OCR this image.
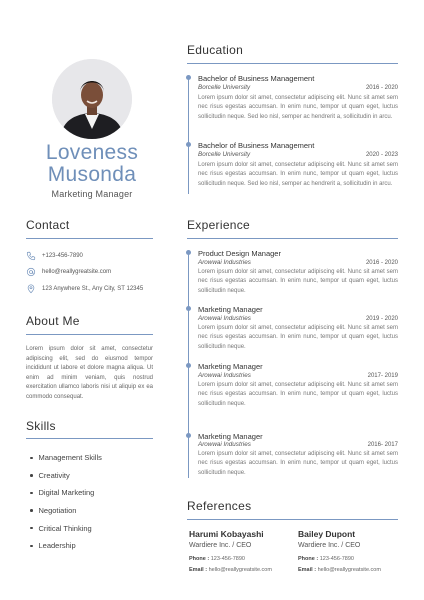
Loveness
Musonda
Marketing Manager
Contact
+123-456-7890
hello@reallygreatsite.com
123 Anywhere St., Any City, ST 12345
About Me
Lorem ipsum dolor sit amet, consectetur adipiscing elit, sed do eiusmod tempor incididunt ut labore et dolore magna aliqua. Ut enim ad minim veniam, quis nostrud exercitation ullamco laboris nisi ut aliquip ex ea commodo consequat.
Skills
Management Skills
Creativity
Digital Marketing
Negotiation
Critical Thinking
Leadership
Education
Bachelor of Business Management
Borcelle University	2016 - 2020
Lorem ipsum dolor sit amet, consectetur adipiscing elit. Nunc sit amet sem nec risus egestas accumsan. In enim nunc, tempor ut quam eget, luctus sollicitudin neque. Sed leo nisl, semper ac hendrerit a, sollicitudin in arcu.
Bachelor of Business Management
Borcelle University	2020 - 2023
Lorem ipsum dolor sit amet, consectetur adipiscing elit. Nunc sit amet sem nec risus egestas accumsan. In enim nunc, tempor ut quam eget, luctus sollicitudin neque. Sed leo nisl, semper ac hendrerit a, sollicitudin in arcu.
Experience
Product Design Manager
Arowwai Industries	2016 - 2020
Lorem ipsum dolor sit amet, consectetur adipiscing elit. Nunc sit amet sem nec risus egestas accumsan. In enim nunc, tempor ut quam eget, luctus sollicitudin neque.
Marketing Manager
Arowwai Industries	2019 - 2020
Lorem ipsum dolor sit amet, consectetur adipiscing elit. Nunc sit amet sem nec risus egestas accumsan. In enim nunc, tempor ut quam eget, luctus sollicitudin neque.
Marketing Manager
Arowwai Industries	2017- 2019
Lorem ipsum dolor sit amet, consectetur adipiscing elit. Nunc sit amet sem nec risus egestas accumsan. In enim nunc, tempor ut quam eget, luctus sollicitudin neque.
Marketing Manager
Arowwai Industries	2016- 2017
Lorem ipsum dolor sit amet, consectetur adipiscing elit. Nunc sit amet sem nec risus egestas accumsan. In enim nunc, tempor ut quam eget, luctus sollicitudin neque.
References
Harumi Kobayashi
Wardiere Inc. / CEO
Phone : 123-456-7890
Email : hello@reallygreatsite.com
Bailey Dupont
Wardiere Inc. / CEO
Phone : 123-456-7890
Email : hello@reallygreatsite.com
